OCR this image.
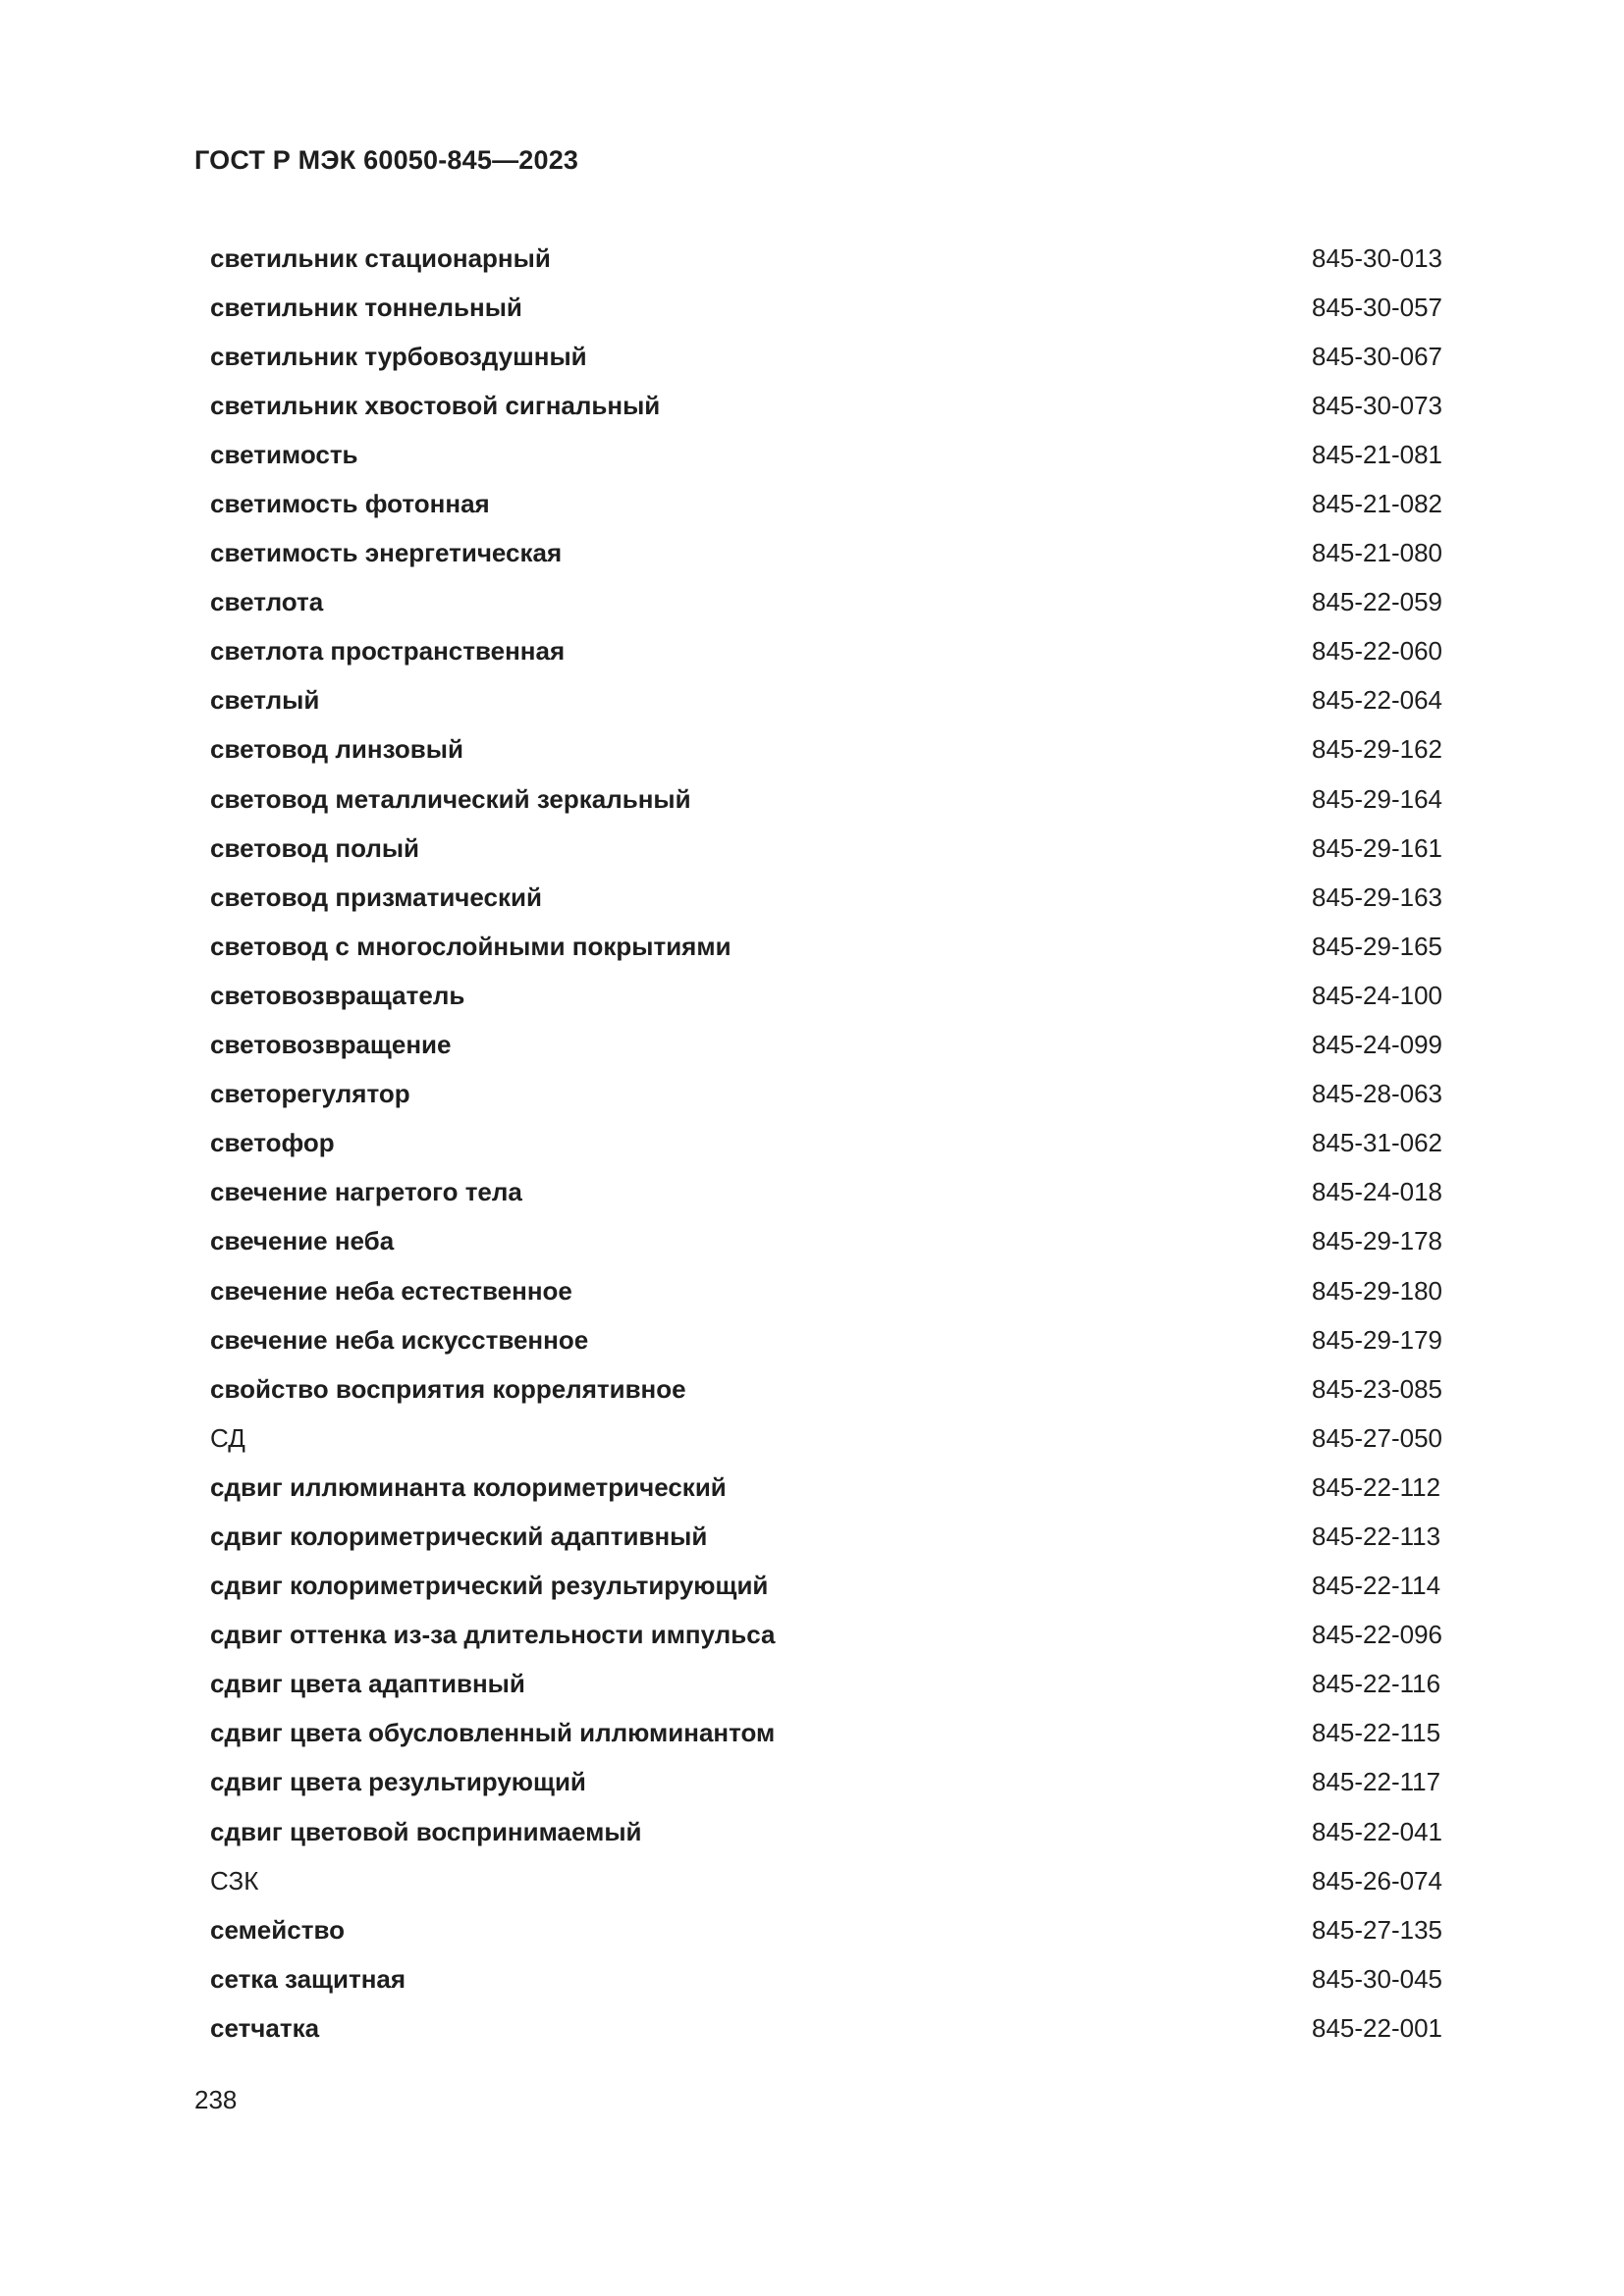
ГОСТ Р МЭК 60050-845—2023
светильник стационарный	845-30-013
светильник тоннельный	845-30-057
светильник турбовоздушный	845-30-067
светильник хвостовой сигнальный	845-30-073
светимость	845-21-081
светимость фотонная	845-21-082
светимость энергетическая	845-21-080
светлота	845-22-059
светлота пространственная	845-22-060
светлый	845-22-064
световод линзовый	845-29-162
световод металлический зеркальный	845-29-164
световод полый	845-29-161
световод призматический	845-29-163
световод с многослойными покрытиями	845-29-165
световозвращатель	845-24-100
световозвращение	845-24-099
светорегулятор	845-28-063
светофор	845-31-062
свечение нагретого тела	845-24-018
свечение неба	845-29-178
свечение неба естественное	845-29-180
свечение неба искусственное	845-29-179
свойство восприятия коррелятивное	845-23-085
СД	845-27-050
сдвиг иллюминанта колориметрический	845-22-112
сдвиг колориметрический адаптивный	845-22-113
сдвиг колориметрический результирующий	845-22-114
сдвиг оттенка из-за длительности импульса	845-22-096
сдвиг цвета адаптивный	845-22-116
сдвиг цвета обусловленный иллюминантом	845-22-115
сдвиг цвета результирующий	845-22-117
сдвиг цветовой воспринимаемый	845-22-041
СЗК	845-26-074
семейство	845-27-135
сетка защитная	845-30-045
сетчатка	845-22-001

238
